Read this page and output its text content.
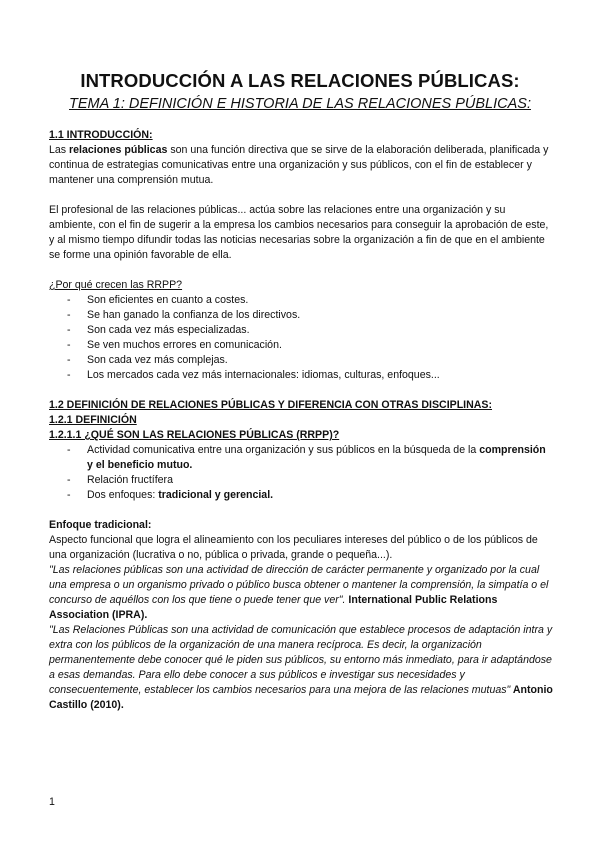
INTRODUCCIÓN A LAS RELACIONES PÚBLICAS:

TEMA 1: DEFINICIÓN E HISTORIA DE LAS RELACIONES PÚBLICAS:

1.1 INTRODUCCIÓN:

Las relaciones públicas son una función directiva que se sirve de la elaboración deliberada, planificada y continua de estrategias comunicativas entre una organización y sus públicos, con el fin de establecer y mantener una comprensión mutua.

El profesional de las relaciones públicas... actúa sobre las relaciones entre una organización y su ambiente, con el fin de sugerir a la empresa los cambios necesarios para conseguir la aprobación de este, y al mismo tiempo difundir todas las noticias necesarias sobre la organización a fin de que en el ambiente se forme una opinión favorable de ella.

¿Por qué crecen las RRPP?

- Son eficientes en cuanto a costes.
- Se han ganado la confianza de los directivos.
- Son cada vez más especializadas.
- Se ven muchos errores en comunicación.
- Son cada vez más complejas.
- Los mercados cada vez más internacionales: idiomas, culturas, enfoques...

1.2 DEFINICIÓN DE RELACIONES PÚBLICAS Y DIFERENCIA CON OTRAS DISCIPLINAS:

1.2.1 DEFINICIÓN

1.2.1.1 ¿QUÉ SON LAS RELACIONES PÚBLICAS (RRPP)?

- Actividad comunicativa entre una organización y sus públicos en la búsqueda de la comprensión y el beneficio mutuo.
- Relación fructífera
- Dos enfoques: tradicional y gerencial.

Enfoque tradicional:

Aspecto funcional que logra el alineamiento con los peculiares intereses del público o de los públicos de una organización (lucrativa o no, pública o privada, grande o pequeña...).

"Las relaciones públicas son una actividad de dirección de carácter permanente y organizado por la cual una empresa o un organismo privado o público busca obtener o mantener la comprensión, la simpatía o el concurso de aquéllos con los que tiene o puede tener que ver". International Public Relations Association (IPRA).

"Las Relaciones Públicas son una actividad de comunicación que establece procesos de adaptación intra y extra con los públicos de la organización de una manera recíproca. Es decir, la organización permanentemente debe conocer qué le piden sus públicos, su entorno más inmediato, para ir adaptándose a esas demandas. Para ello debe conocer a sus públicos e investigar sus necesidades y consecuentemente, establecer los cambios necesarios para una mejora de las relaciones mutuas" Antonio Castillo (2010).

1
